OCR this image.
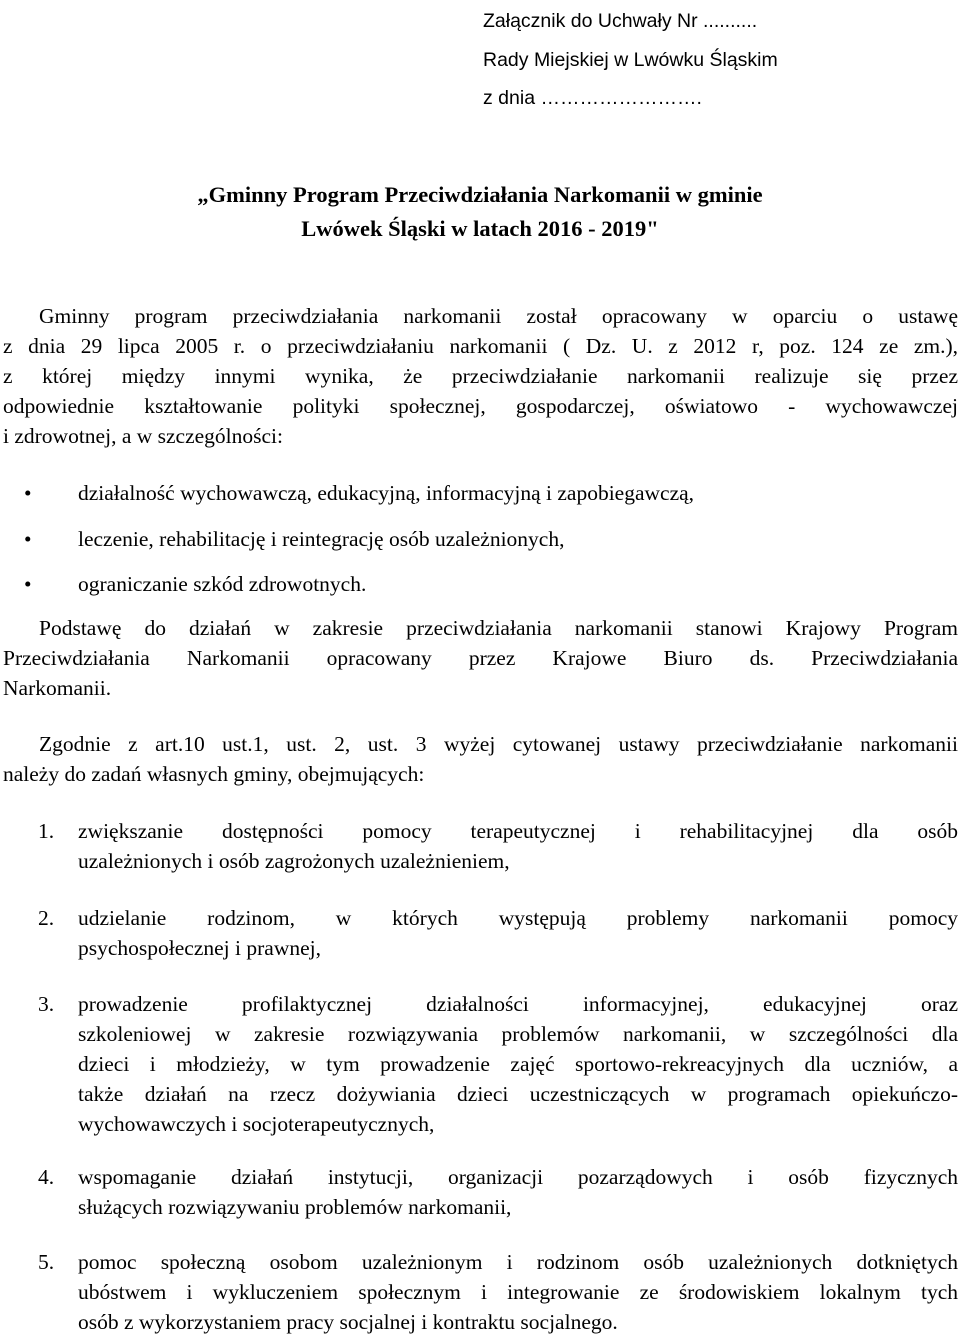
Załącznik do Uchwały Nr ..........
Rady Miejskiej w Lwówku Śląskim
z dnia …………………….
„Gminny Program Przeciwdziałania Narkomanii w gminie
Lwówek Śląski w latach 2016 - 2019"
Gminny program przeciwdziałania narkomanii został opracowany w oparciu o ustawę
z dnia 29 lipca 2005 r. o przeciwdziałaniu narkomanii ( Dz. U. z 2012 r, poz. 124 ze zm.),
z której między innymi wynika, że przeciwdziałanie narkomanii realizuje się przez
odpowiednie kształtowanie polityki społecznej, gospodarczej, oświatowo - wychowawczej
i zdrowotnej, a w szczególności:
• działalność wychowawczą, edukacyjną, informacyjną i zapobiegawczą,
• leczenie, rehabilitację i reintegrację osób uzależnionych,
• ograniczanie szkód zdrowotnych.
Podstawę do działań w zakresie przeciwdziałania narkomanii stanowi Krajowy Program
Przeciwdziałania Narkomanii opracowany przez Krajowe Biuro ds. Przeciwdziałania
Narkomanii.
Zgodnie z art.10 ust.1, ust. 2, ust. 3 wyżej cytowanej ustawy przeciwdziałanie narkomanii
należy do zadań własnych gminy, obejmujących:
1. zwiększanie dostępności pomocy terapeutycznej i rehabilitacyjnej dla osób
uzależnionych i osób zagrożonych uzależnieniem,
2. udzielanie rodzinom, w których występują problemy narkomanii pomocy
psychospołecznej i prawnej,
3. prowadzenie profilaktycznej działalności informacyjnej, edukacyjnej oraz
szkoleniowej w zakresie rozwiązywania problemów narkomanii, w szczególności dla
dzieci i młodzieży, w tym prowadzenie zajęć sportowo-rekreacyjnych dla uczniów, a
także działań na rzecz dożywiania dzieci uczestniczących w programach opiekuńczo-
wychowawczych i socjoterapeutycznych,
4. wspomaganie działań instytucji, organizacji pozarządowych i osób fizycznych
służących rozwiązywaniu problemów narkomanii,
5. pomoc społeczną osobom uzależnionym i rodzinom osób uzależnionych dotkniętych
ubóstwem i wykluczeniem społecznym i integrowanie ze środowiskiem lokalnym tych
osób z wykorzystaniem pracy socjalnej i kontraktu socjalnego.
